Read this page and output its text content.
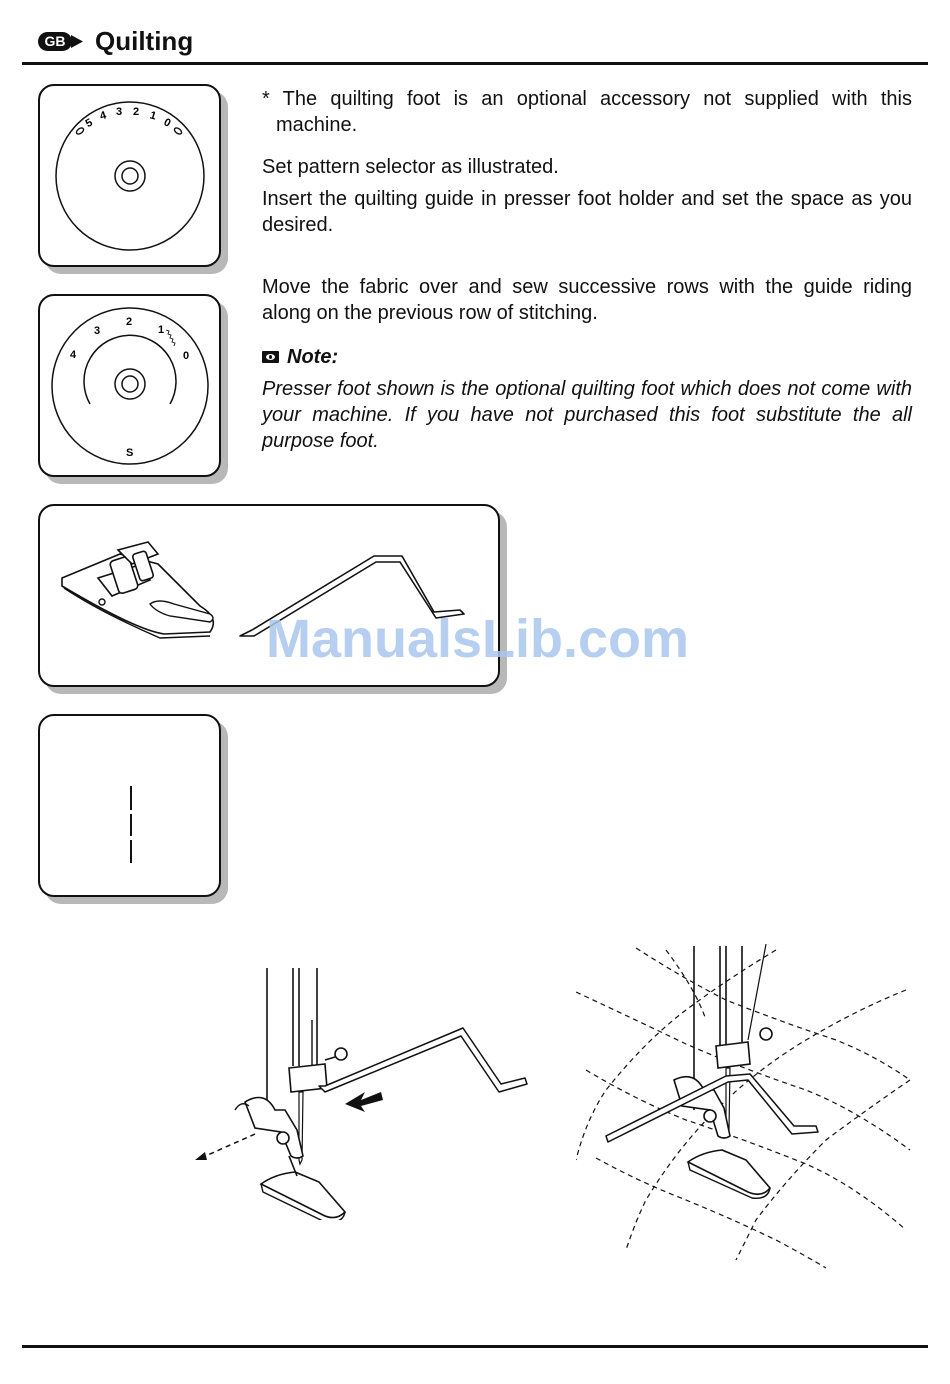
GB Quilting
5
4 3 2 1
0
4
3
2
1
0
S

* The quilting foot is an optional accessory not supplied with this machine.

Set pattern selector as illustrated.

Insert the quilting guide in presser foot holder and set the space as you desired.

Move the fabric over and sew successive rows with the guide riding along on the previous row of stitching.

Note:

Presser foot shown is the optional quilting foot which does not come with your machine. If you have not purchased this foot substitute the all purpose foot.

ManualsLib.com
